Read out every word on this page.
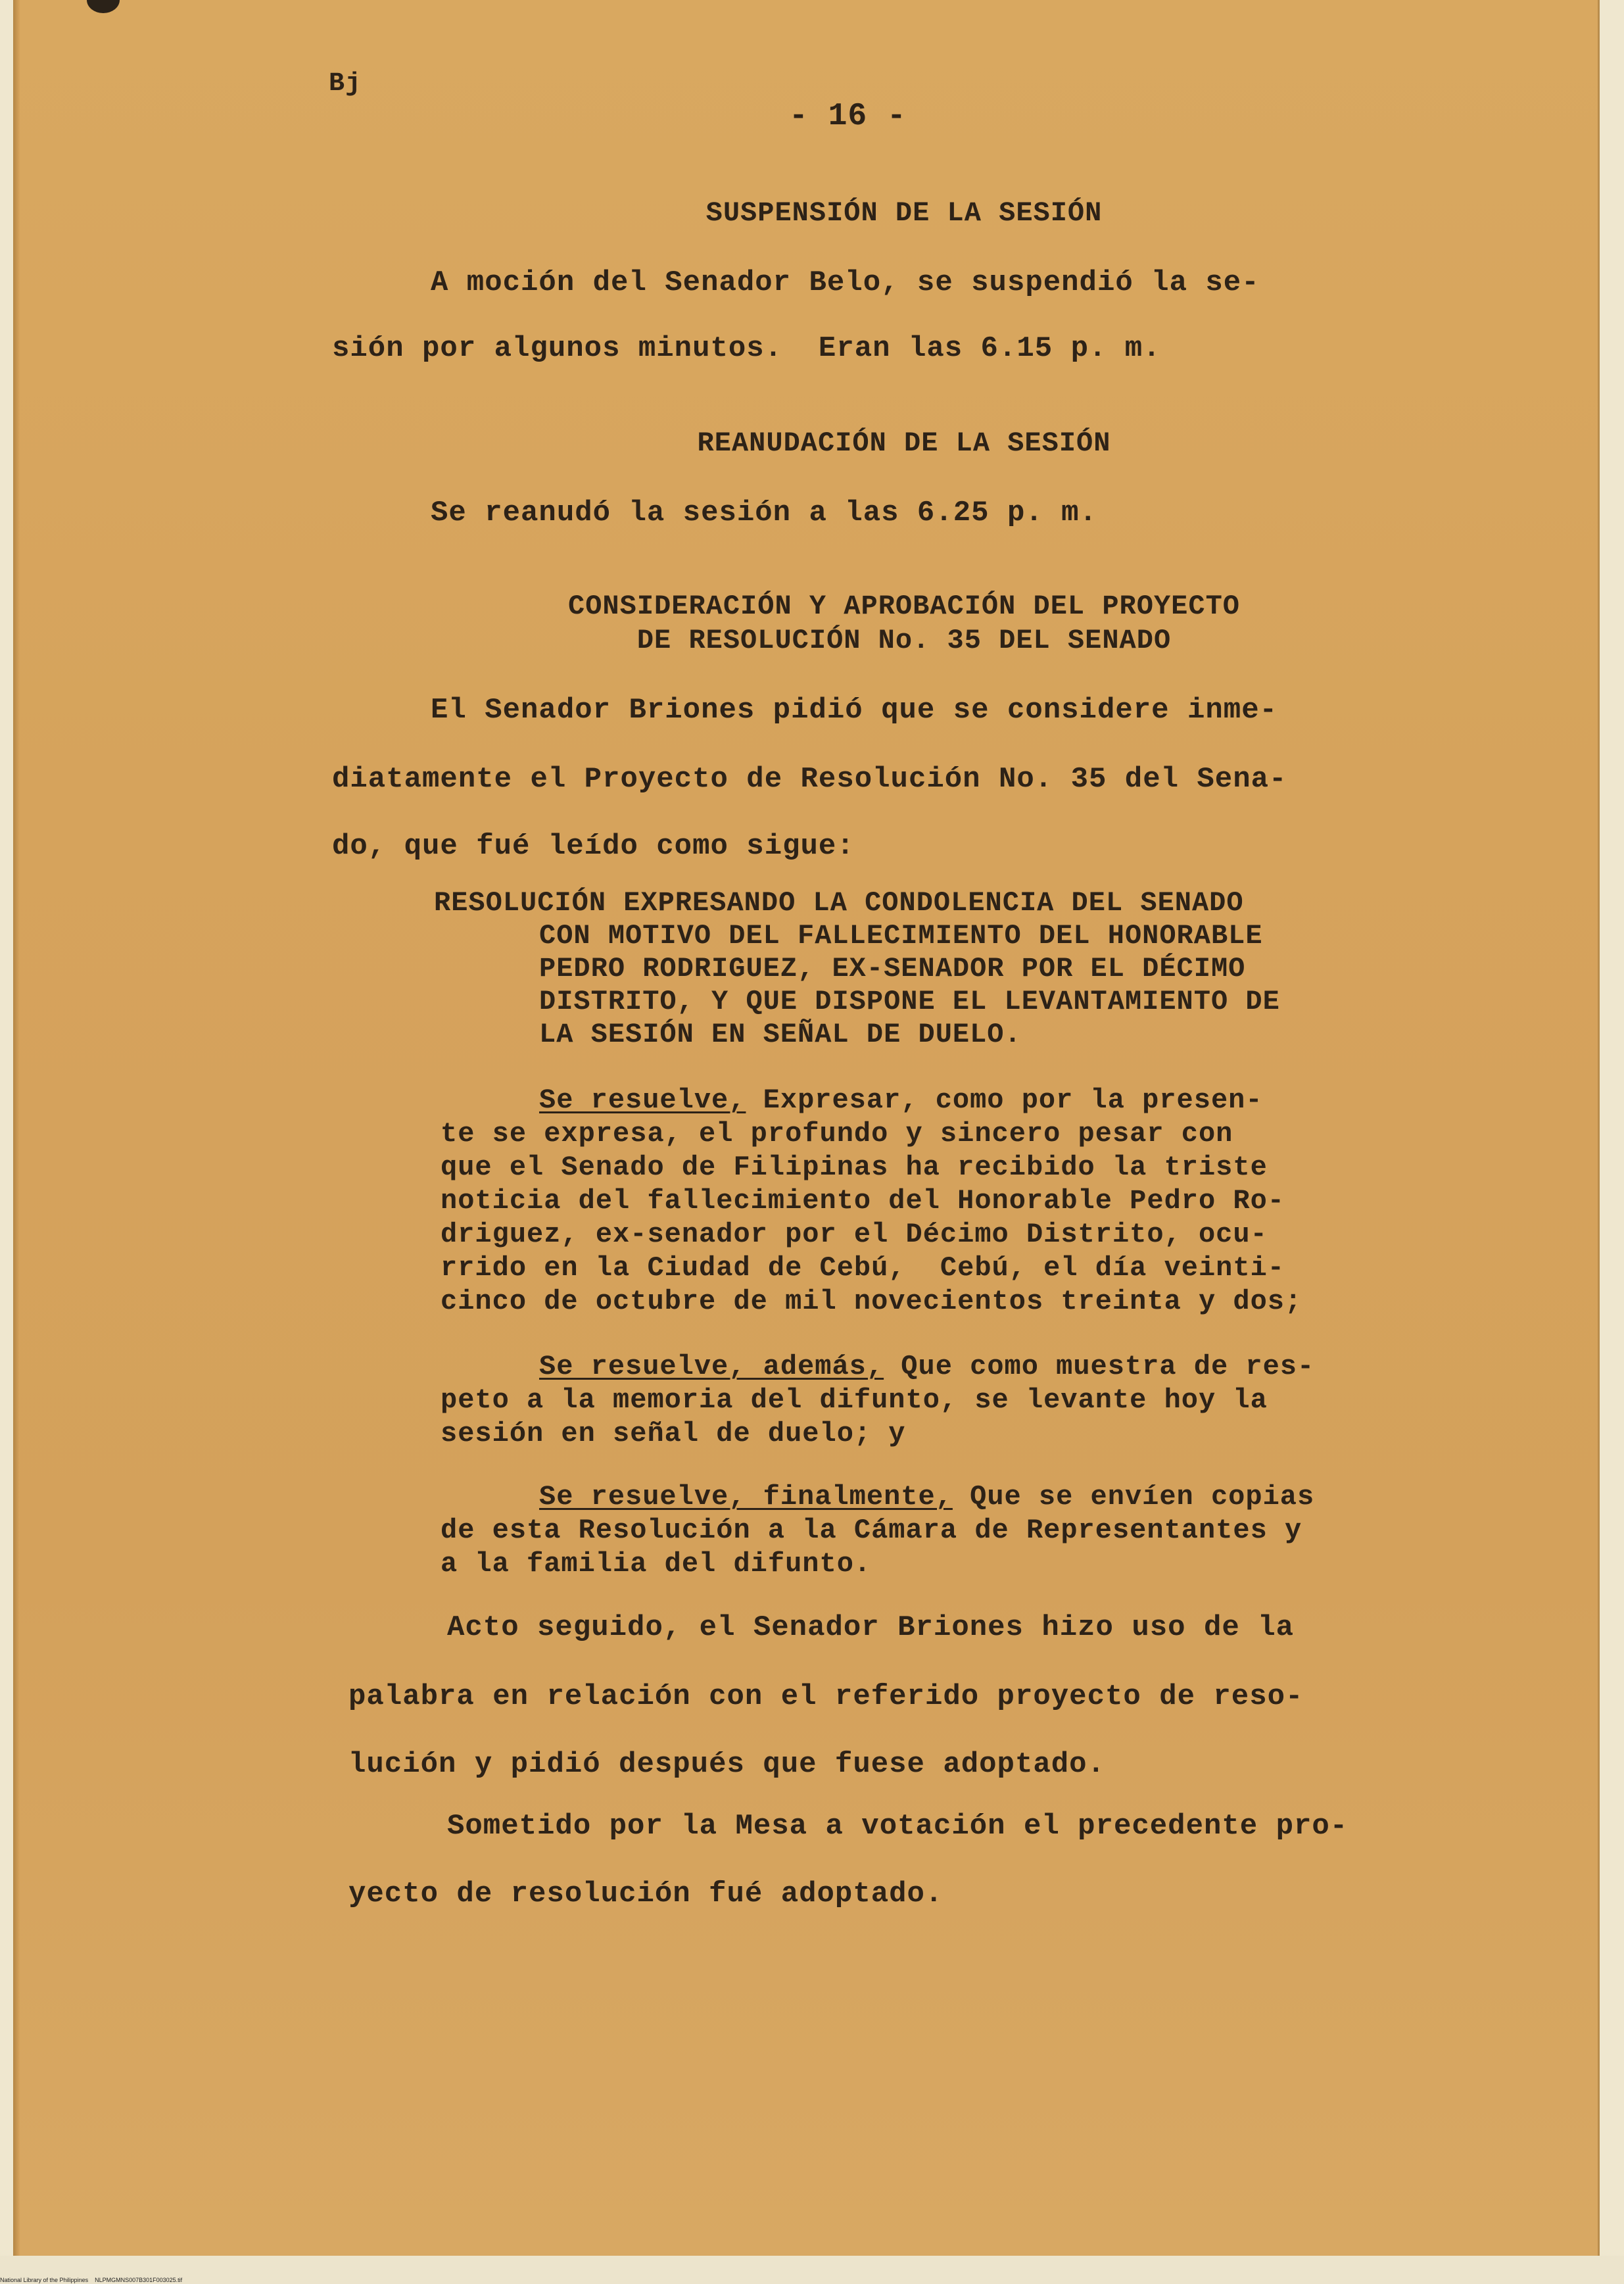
Bj
- 16 -
SUSPENSIÓN DE LA SESIÓN
A moción del Senador Belo, se suspendió la se-
sión por algunos minutos.  Eran las 6.15 p. m.
REANUDACIÓN DE LA SESIÓN
Se reanudó la sesión a las 6.25 p. m.
CONSIDERACIÓN Y APROBACIÓN DEL PROYECTO
DE RESOLUCIÓN No. 35 DEL SENADO
El Senador Briones pidió que se considere inme-
diatamente el Proyecto de Resolución No. 35 del Sena-
do, que fué leído como sigue:
RESOLUCIÓN EXPRESANDO LA CONDOLENCIA DEL SENADO
CON MOTIVO DEL FALLECIMIENTO DEL HONORABLE
PEDRO RODRIGUEZ, EX-SENADOR POR EL DÉCIMO
DISTRITO, Y QUE DISPONE EL LEVANTAMIENTO DE
LA SESIÓN EN SEÑAL DE DUELO.
Se resuelve, Expresar, como por la presen-
te se expresa, el profundo y sincero pesar con
que el Senado de Filipinas ha recibido la triste
noticia del fallecimiento del Honorable Pedro Ro-
driguez, ex-senador por el Décimo Distrito, ocu-
rrido en la Ciudad de Cebú,  Cebú, el día veinti-
cinco de octubre de mil novecientos treinta y dos;
Se resuelve, además, Que como muestra de res-
peto a la memoria del difunto, se levante hoy la
sesión en señal de duelo; y
Se resuelve, finalmente, Que se envíen copias
de esta Resolución a la Cámara de Representantes y
a la familia del difunto.
Acto seguido, el Senador Briones hizo uso de la
palabra en relación con el referido proyecto de reso-
lución y pidió después que fuese adoptado.
Sometido por la Mesa a votación el precedente pro-
yecto de resolución fué adoptado.
National Library of the Philippines    NLPMGMNS007B301F003025.tif
